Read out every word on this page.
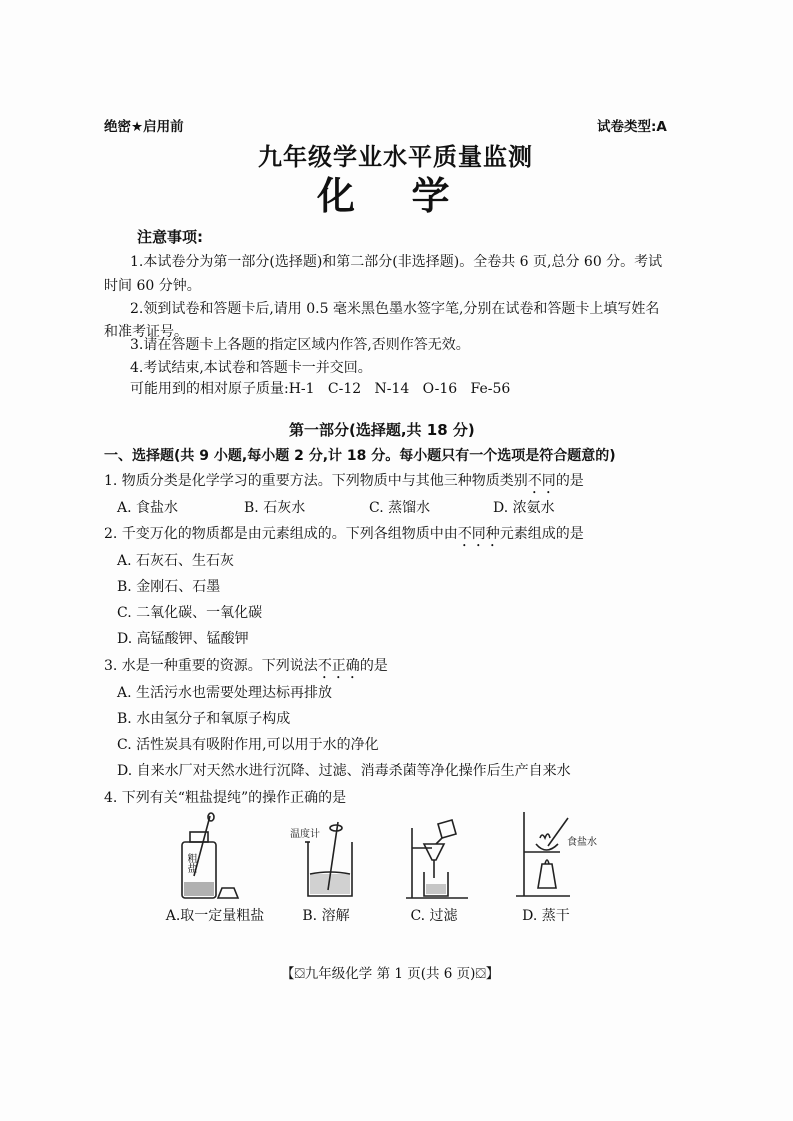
绝密★启用前	试卷类型:A
九年级学业水平质量监测
化  学
注意事项:
1.本试卷分为第一部分(选择题)和第二部分(非选择题)。全卷共 6 页,总分 60 分。考试
时间 60 分钟。
2.领到试卷和答题卡后,请用 0.5 毫米黑色墨水签字笔,分别在试卷和答题卡上填写姓名
和准考证号。
3.请在答题卡上各题的指定区域内作答,否则作答无效。
4.考试结束,本试卷和答题卡一并交回。
可能用到的相对原子质量:H-1   C-12   N-14   O-16   Fe-56
第一部分(选择题,共 18 分)
一、选择题(共 9 小题,每小题 2 分,计 18 分。每小题只有一个选项是符合题意的)
1. 物质分类是化学学习的重要方法。下列物质中与其他三种物质类别不同的是
A. 食盐水	B. 石灰水	C. 蒸馏水	D. 浓氨水
2. 千变万化的物质都是由元素组成的。下列各组物质中由不同种元素组成的是
A. 石灰石、生石灰
B. 金刚石、石墨
C. 二氧化碳、一氧化碳
D. 高锰酸钾、锰酸钾
3. 水是一种重要的资源。下列说法不正确的是
A. 生活污水也需要处理达标再排放
B. 水由氢分子和氧原子构成
C. 活性炭具有吸附作用,可以用于水的净化
D. 自来水厂对天然水进行沉降、过滤、消毒杀菌等净化操作后生产自来水
4. 下列有关“粗盐提纯”的操作正确的是
粗盐
温度计
食盐水
A.取一定量粗盐	B. 溶解	C. 过滤	D. 蒸干
【⛋九年级化学 第 1 页(共 6 页)⛋】
